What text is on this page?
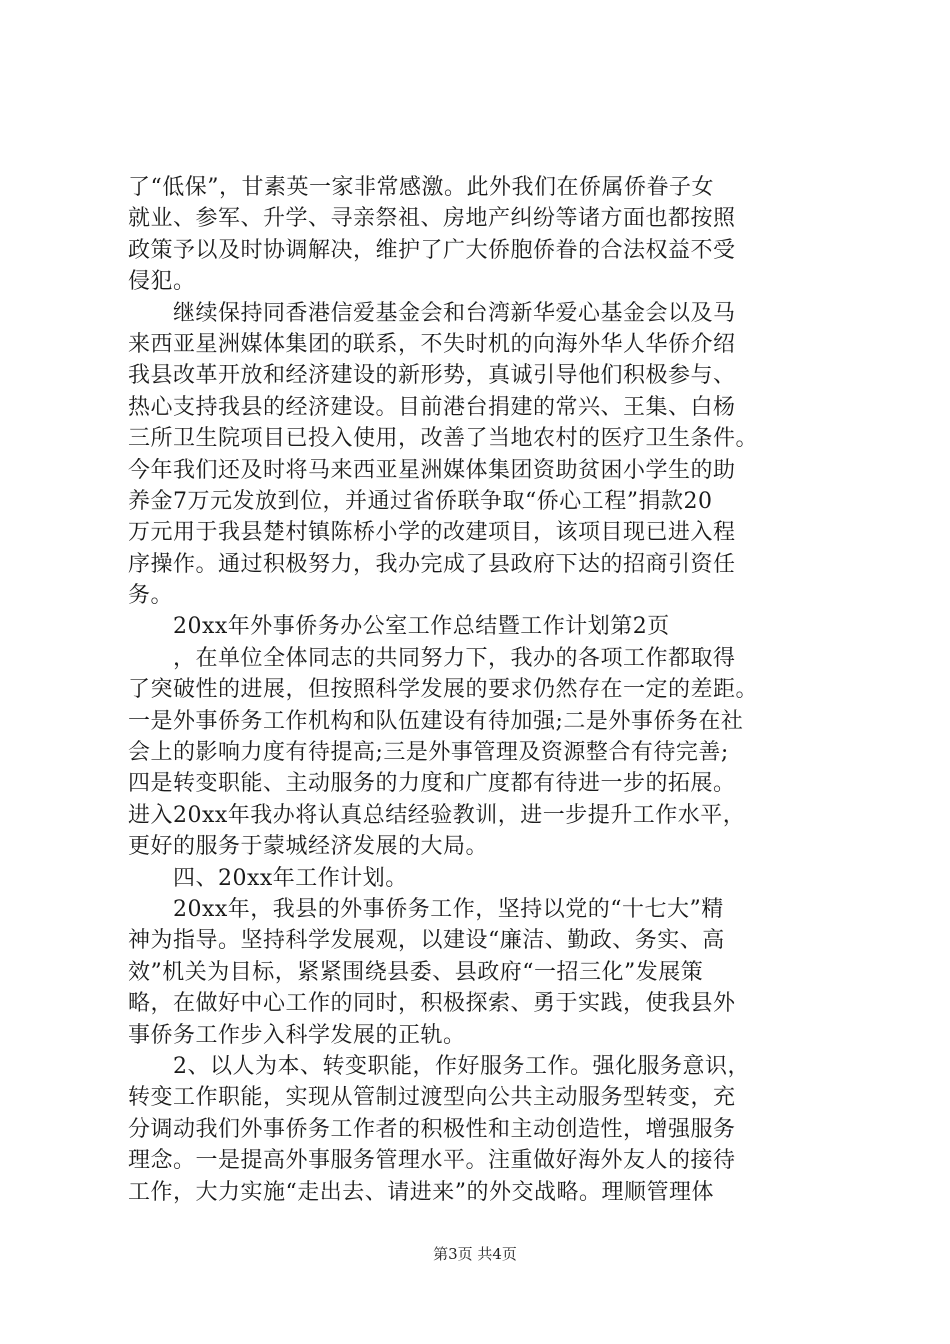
了“低保”，甘素英一家非常感激。此外我们在侨属侨眷子女
就业、参军、升学、寻亲祭祖、房地产纠纷等诸方面也都按照
政策予以及时协调解决，维护了广大侨胞侨眷的合法权益不受
侵犯。
　　继续保持同香港信爱基金会和台湾新华爱心基金会以及马
来西亚星洲媒体集团的联系，不失时机的向海外华人华侨介绍
我县改革开放和经济建设的新形势，真诚引导他们积极参与、
热心支持我县的经济建设。目前港台捐建的常兴、王集、白杨
三所卫生院项目已投入使用，改善了当地农村的医疗卫生条件。
今年我们还及时将马来西亚星洲媒体集团资助贫困小学生的助
养金7万元发放到位，并通过省侨联争取“侨心工程”捐款20
万元用于我县楚村镇陈桥小学的改建项目，该项目现已进入程
序操作。通过积极努力，我办完成了县政府下达的招商引资任
务。
　　20xx年外事侨务办公室工作总结暨工作计划第2页
　　，在单位全体同志的共同努力下，我办的各项工作都取得
了突破性的进展，但按照科学发展的要求仍然存在一定的差距。
一是外事侨务工作机构和队伍建设有待加强;二是外事侨务在社
会上的影响力度有待提高;三是外事管理及资源整合有待完善;
四是转变职能、主动服务的力度和广度都有待进一步的拓展。
进入20xx年我办将认真总结经验教训，进一步提升工作水平，
更好的服务于蒙城经济发展的大局。
　　四、20xx年工作计划。
　　20xx年，我县的外事侨务工作，坚持以党的“十七大”精
神为指导。坚持科学发展观，以建设“廉洁、勤政、务实、高
效”机关为目标，紧紧围绕县委、县政府“一招三化”发展策
略，在做好中心工作的同时，积极探索、勇于实践，使我县外
事侨务工作步入科学发展的正轨。
　　2、以人为本、转变职能，作好服务工作。强化服务意识，
转变工作职能，实现从管制过渡型向公共主动服务型转变，充
分调动我们外事侨务工作者的积极性和主动创造性，增强服务
理念。一是提高外事服务管理水平。注重做好海外友人的接待
工作，大力实施“走出去、请进来”的外交战略。理顺管理体
第3页 共4页
